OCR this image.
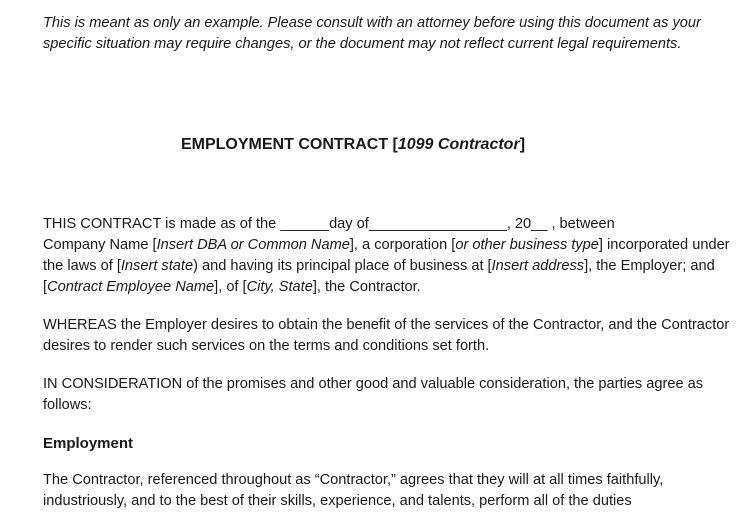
This is meant as only an example. Please consult with an attorney before using this document as your specific situation may require changes, or the document may not reflect current legal requirements.

EMPLOYMENT CONTRACT [1099 Contractor]

THIS CONTRACT is made as of the ______day of_________________, 20__ , between
Company Name [Insert DBA or Common Name], a corporation [or other business type] incorporated under the laws of [Insert state) and having its principal place of business at [Insert address], the Employer; and [Contract Employee Name], of [City, State], the Contractor.

WHEREAS the Employer desires to obtain the benefit of the services of the Contractor, and the Contractor desires to render such services on the terms and conditions set forth.

IN CONSIDERATION of the promises and other good and valuable consideration, the parties agree as follows:

Employment

The Contractor, referenced throughout as “Contractor,” agrees that they will at all times faithfully, industriously, and to the best of their skills, experience, and talents, perform all of the duties
